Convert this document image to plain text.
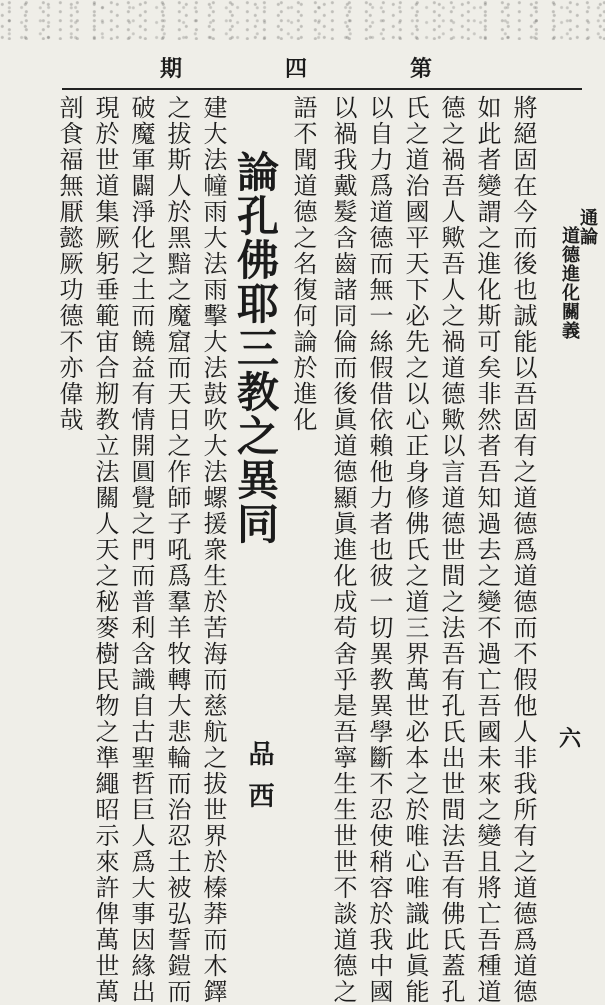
期	四	第
通論
道德進化關義
六
將絕固在今而後也誠能以吾固有之道德爲道德而不假他人非我所有之道德爲道德
如此者變謂之進化斯可矣非然者吾知過去之變不過亡吾國未來之變且將亡吾種道
德之禍吾人歟吾人之禍道德歟以言道德世間之法吾有孔氏出世間法吾有佛氏蓋孔
氏之道治國平天下必先之以心正身修佛氏之道三界萬世必本之於唯心唯識此眞能
以自力爲道德而無一絲假借依賴他力者也彼一切異教異學斷不忍使稍容於我中國
以禍我戴髮含齒諸同倫而後眞道德顯眞進化成苟舍乎是吾寧生生世世不談道德之
語不聞道德之名復何論於進化
論孔佛耶三教之異同
品西
建大法幢雨大法雨擊大法鼓吹大法螺援衆生於苦海而慈航之拔世界於榛莽而木鐸
之拔斯人於黑黯之魔窟而天日之作師子吼爲羣羊牧轉大悲輪而治忍土被弘誓鎧而
破魔軍闢淨化之土而饒益有情開圓覺之門而普利含識自古聖哲巨人爲大事因緣出
現於世道集厥躬垂範宙合剏教立法關人天之秘麥樹民物之準繩昭示來許俾萬世萬
剖食福無厭懿厥功德不亦偉哉
